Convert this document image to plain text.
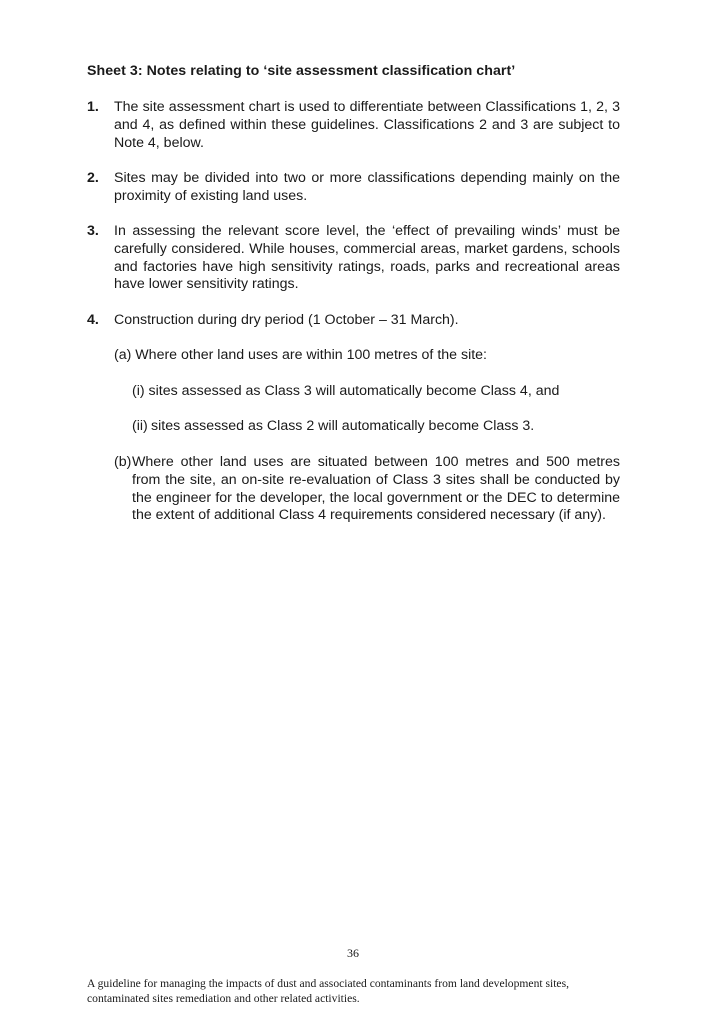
Sheet 3: Notes relating to ‘site assessment classification chart’
1. The site assessment chart is used to differentiate between Classifications 1, 2, 3 and 4, as defined within these guidelines. Classifications 2 and 3 are subject to Note 4, below.
2. Sites may be divided into two or more classifications depending mainly on the proximity of existing land uses.
3. In assessing the relevant score level, the ‘effect of prevailing winds’ must be carefully considered. While houses, commercial areas, market gardens, schools and factories have high sensitivity ratings, roads, parks and recreational areas have lower sensitivity ratings.
4. Construction during dry period (1 October – 31 March).
(a) Where other land uses are within 100 metres of the site:
(i) sites assessed as Class 3 will automatically become Class 4, and
(ii) sites assessed as Class 2 will automatically become Class 3.
(b) Where other land uses are situated between 100 metres and 500 metres from the site, an on-site re-evaluation of Class 3 sites shall be conducted by the engineer for the developer, the local government or the DEC to determine the extent of additional Class 4 requirements considered necessary (if any).
36
A guideline for managing the impacts of dust and associated contaminants from land development sites, contaminated sites remediation and other related activities.
